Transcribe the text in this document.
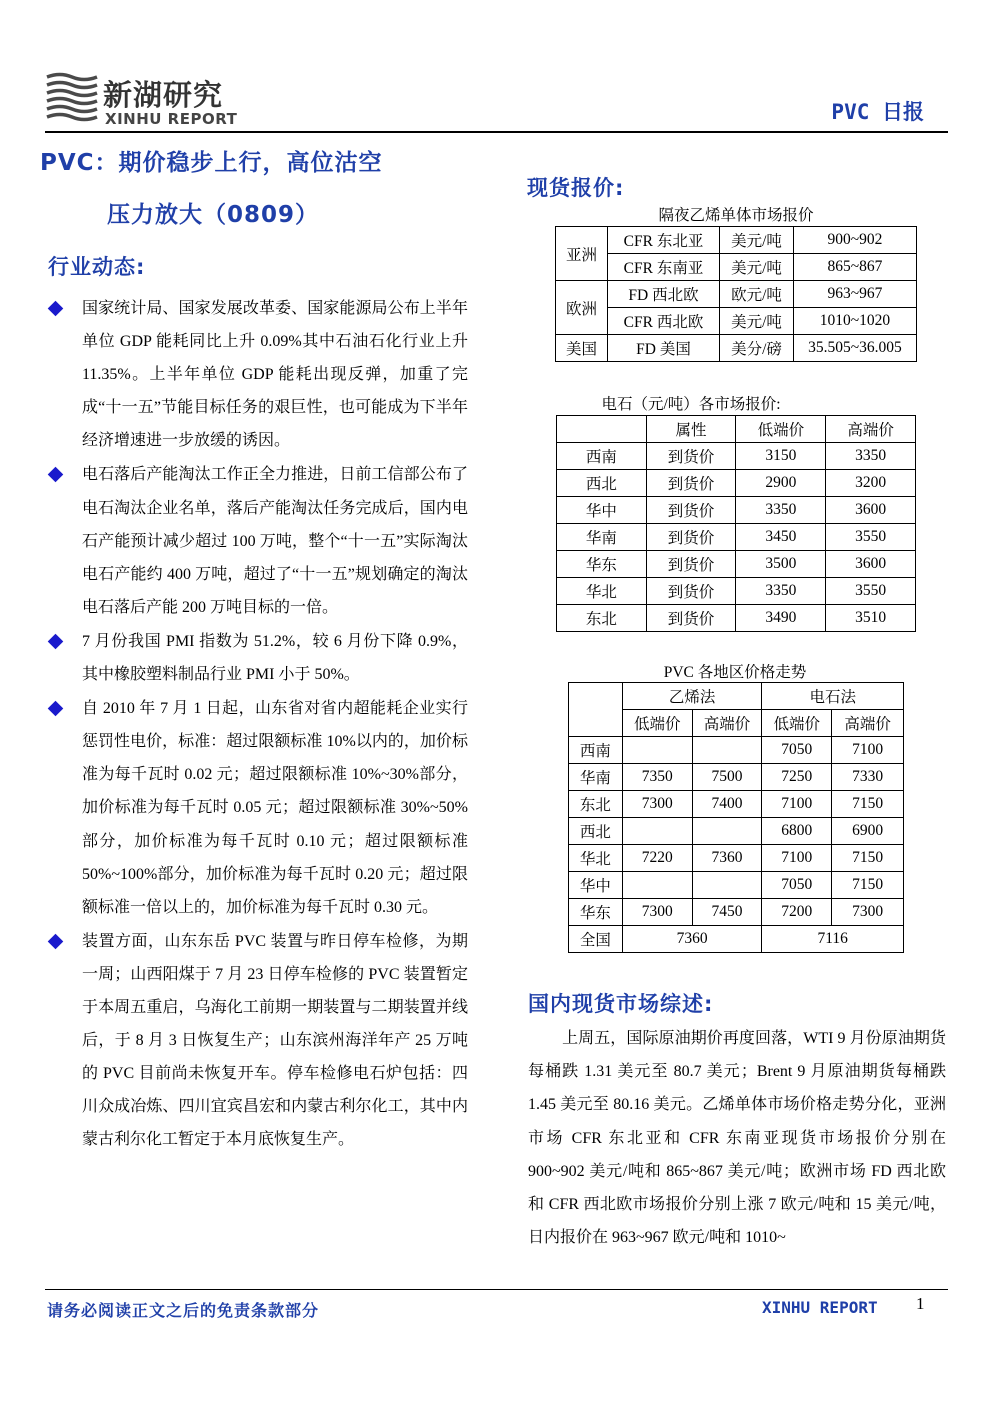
新湖研究
XINHU REPORT	PVC 日报
PVC：期价稳步上行，高位沽空
压力放大（0809）
行业动态:
国家统计局、国家发展改革委、国家能源局公布上半年单位 GDP 能耗同比上升 0.09%其中石油石化行业上升 11.35%。上半年单位 GDP 能耗出现反弹，加重了完成“十一五”节能目标任务的艰巨性，也可能成为下半年经济增速进一步放缓的诱因。
电石落后产能淘汰工作正全力推进，日前工信部公布了电石淘汰企业名单，落后产能淘汰任务完成后，国内电石产能预计减少超过 100 万吨，整个“十一五”实际淘汰电石产能约 400 万吨，超过了“十一五”规划确定的淘汰电石落后产能 200 万吨目标的一倍。
7 月份我国 PMI 指数为 51.2%，较 6 月份下降 0.9%，其中橡胶塑料制品行业 PMI 小于 50%。
自 2010 年 7 月 1 日起，山东省对省内超能耗企业实行惩罚性电价，标准：超过限额标准 10%以内的，加价标准为每千瓦时 0.02 元；超过限额标准 10%~30%部分，加价标准为每千瓦时 0.05 元；超过限额标准 30%~50%部分，加价标准为每千瓦时 0.10 元；超过限额标准 50%~100%部分，加价标准为每千瓦时 0.20 元；超过限额标准一倍以上的，加价标准为每千瓦时 0.30 元。
装置方面，山东东岳 PVC 装置与昨日停车检修，为期一周；山西阳煤于 7 月 23 日停车检修的 PVC 装置暂定于本周五重启，乌海化工前期一期装置与二期装置并线后，于 8 月 3 日恢复生产；山东滨州海洋年产 25 万吨的 PVC 目前尚未恢复开车。停车检修电石炉包括：四川众成冶炼、四川宜宾昌宏和内蒙古利尔化工，其中内蒙古利尔化工暂定于本月底恢复生产。
现货报价:
隔夜乙烯单体市场报价
亚洲	CFR 东北亚	美元/吨	900~902
	CFR 东南亚	美元/吨	865~867
欧洲	FD 西北欧	欧元/吨	963~967
	CFR 西北欧	美元/吨	1010~1020
美国	FD 美国	美分/磅	35.505~36.005
电石（元/吨）各市场报价:
	属性	低端价	高端价
西南	到货价	3150	3350
西北	到货价	2900	3200
华中	到货价	3350	3600
华南	到货价	3450	3550
华东	到货价	3500	3600
华北	到货价	3350	3550
东北	到货价	3490	3510
PVC 各地区价格走势
	乙烯法		电石法	
	低端价	高端价	低端价	高端价
西南			7050	7100
华南	7350	7500	7250	7330
东北	7300	7400	7100	7150
西北			6800	6900
华北	7220	7360	7100	7150
华中			7050	7150
华东	7300	7450	7200	7300
全国	7360		7116	
国内现货市场综述:
上周五，国际原油期价再度回落，WTI 9 月份原油期货每桶跌 1.31 美元至 80.7 美元；Brent 9 月原油期货每桶跌 1.45 美元至 80.16 美元。乙烯单体市场价格走势分化，亚洲市场 CFR 东北亚和 CFR 东南亚现货市场报价分别在 900~902 美元/吨和 865~867 美元/吨；欧洲市场 FD 西北欧和 CFR 西北欧市场报价分别上涨 7 欧元/吨和 15 美元/吨，日内报价在 963~967 欧元/吨和 1010~
请务必阅读正文之后的免责条款部分	XINHU REPORT 1
